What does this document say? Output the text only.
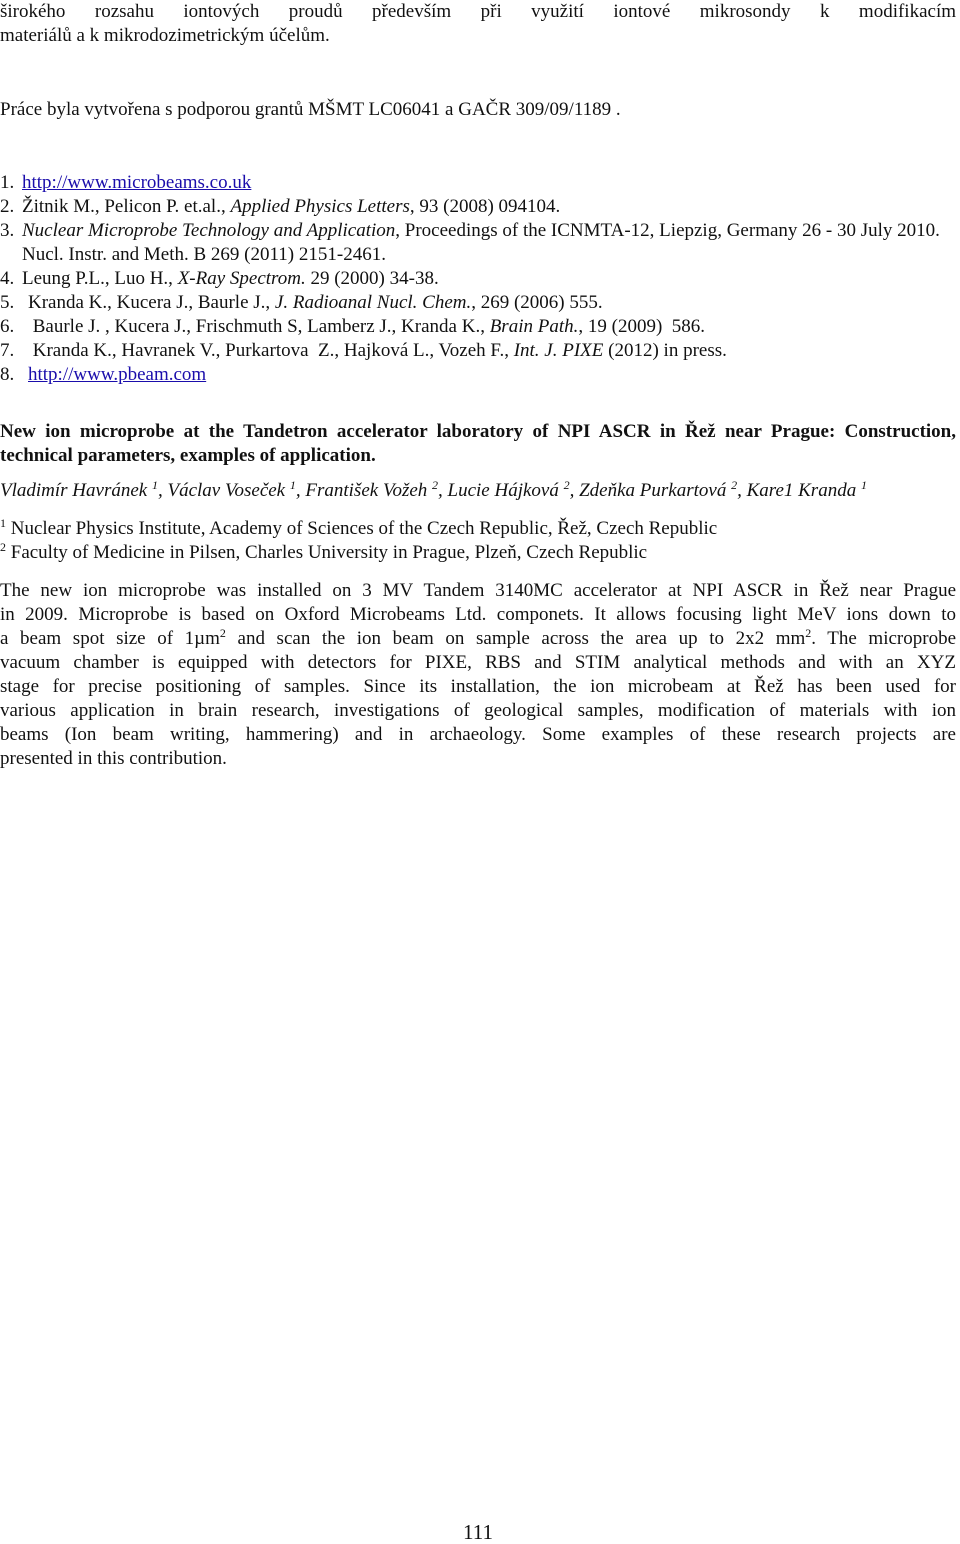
širokého rozsahu iontových proudů především při využití iontové mikrosondy k modifikacím
materiálů a k mikrodozimetrickým účelům.

Práce byla vytvořena s podporou grantů MŠMT LC06041 a GAČR 309/09/1189 .

1. http://www.microbeams.co.uk
2. Žitnik M., Pelicon P. et.al., Applied Physics Letters, 93 (2008) 094104.
3. Nuclear Microprobe Technology and Application, Proceedings of the ICNMTA-12, Liepzig, Germany 26 - 30 July 2010. Nucl. Instr. and Meth. B 269 (2011) 2151-2461.
4. Leung P.L., Luo H., X-Ray Spectrom. 29 (2000) 34-38.
5. Kranda K., Kucera J., Baurle J., J. Radioanal Nucl. Chem., 269 (2006) 555.
6. Baurle J. , Kucera J., Frischmuth S, Lamberz J., Kranda K., Brain Path., 19 (2009)  586.
7. Kranda K., Havranek V., Purkartova  Z., Hajková L., Vozeh F., Int. J. PIXE (2012) in press.
8. http://www.pbeam.com

New ion microprobe at the Tandetron accelerator laboratory of NPI ASCR in Řež near Prague: Construction, technical parameters, examples of application.

Vladimír Havránek $^1$, Václav Voseček $^1$, František Vožeh $^2$, Lucie Hájková $^2$, Zdeňka Purkartová $^2$, Kare1 Kranda $^1$

$^1$ Nuclear Physics Institute, Academy of Sciences of the Czech Republic, Řež, Czech Republic

$^2$ Faculty of Medicine in Pilsen, Charles University in Prague, Plzeň, Czech Republic

The new ion microprobe was installed on 3 MV Tandem 3140MC accelerator at NPI ASCR in Řež near Prague
in 2009. Microprobe is based on Oxford Microbeams Ltd. componets. It allows focusing light MeV ions down to
a beam spot size of 1µm$^2$ and scan the ion beam on sample across the area up to 2x2 $mm^2$. The microprobe
vacuum chamber is equipped with detectors for PIXE, RBS and STIM analytical methods and with an XYZ
stage for precise positioning of samples. Since its installation, the ion microbeam at Řež has been used for
various application in brain research, investigations of geological samples, modification of materials with ion
beams (Ion beam writing, hammering) and in archaeology. Some examples of these research projects are
presented in this contribution.
111
